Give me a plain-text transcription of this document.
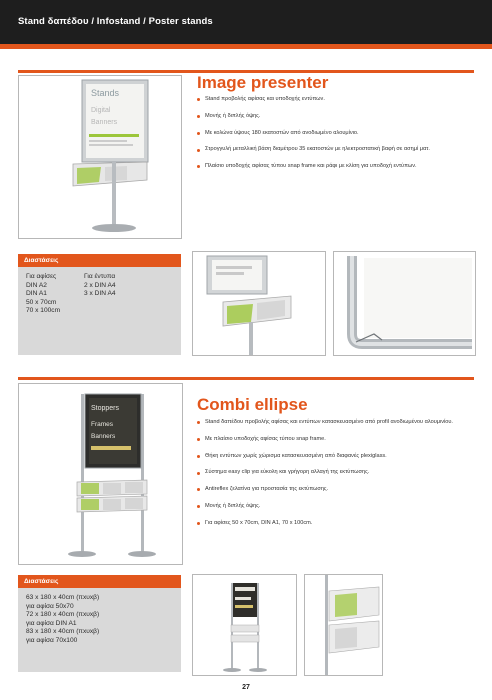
Stand δαπέδου / Infostand / Poster stands
Stands
Digital
Banners
Image presenter
Stand προβολής αφίσας και υποδοχής εντύπων.
Μονής ή διπλής όψης.
Με κολώνα ύψους 180 εκατοστών από ανοδιωμένο αλουμίνιο.
Στρογγυλή μεταλλική βάση διαμέτρου 35 εκατοστών με ηλεκτροστατική βαφή σε ασημί ματ.
Πλαίσιο υποδοχής αφίσας τύπου snap frame και ράφι με κλίση για υποδοχή εντύπων.
Διαστάσεις
Για αφίσες
DIN A2
DIN A1
50 x 70cm
70 x 100cm
Για έντυπα
2 x DIN A4
3 x DIN A4
Stoppers
Frames
Banners
Combi ellipse
Stand δαπέδου προβολής αφίσας και εντύπων κατασκευασμένο από profil ανοδιωμένου αλουμινίου.
Με πλαίσιο υποδοχής αφίσας τύπου snap frame.
Θήκη εντύπων χωρίς χώρισμα κατασκευασμένη από διαφανές plexiglass.
Σύστημα easy clip για εύκολη και γρήγορη αλλαγή της εκτύπωσης.
Antireflex ζελατίνα για προστασία της εκτύπωσης.
Μονής ή διπλής όψης.
Για αφίσες 50 x 70cm, DIN A1, 70 x 100cm.
Διαστάσεις
63 x 180 x 40cm (πxυxβ)
για αφίσα 50x70
72 x 180 x 40cm (πxυxβ)
για αφίσα DIN A1
83 x 180 x 40cm (πxυxβ)
για αφίσα 70x100
27
